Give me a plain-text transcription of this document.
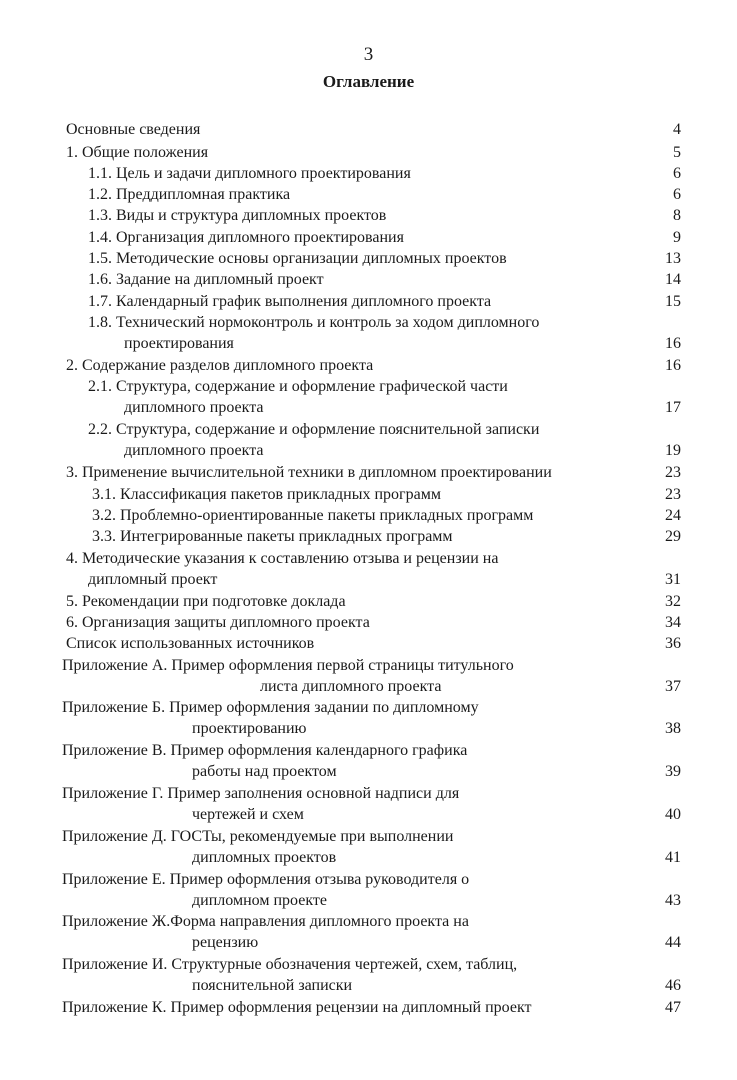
3
Оглавление
Основные сведения	4
1. Общие положения	5
1.1. Цель и задачи дипломного проектирования	6
1.2. Преддипломная практика	6
1.3. Виды и структура дипломных проектов	8
1.4. Организация дипломного проектирования	9
1.5. Методические основы организации дипломных проектов	13
1.6. Задание на дипломный проект	14
1.7. Календарный график выполнения дипломного проекта	15
1.8. Технический нормоконтроль и контроль за ходом дипломного
проектирования	16
2. Содержание разделов дипломного проекта	16
2.1. Структура, содержание и оформление графической части
дипломного проекта	17
2.2. Структура, содержание и оформление пояснительной записки
дипломного проекта	19
3. Применение вычислительной техники в дипломном проектировании	23
3.1. Классификация пакетов прикладных программ	23
3.2. Проблемно-ориентированные пакеты прикладных программ	24
3.3. Интегрированные пакеты прикладных программ	29
4. Методические указания к составлению отзыва и рецензии на
дипломный проект	31
5. Рекомендации при подготовке доклада	32
6. Организация защиты дипломного проекта	34
Список использованных источников	36
Приложение А. Пример оформления первой страницы титульного
листа дипломного проекта	37
Приложение Б. Пример оформления задании по дипломному
проектированию	38
Приложение В. Пример оформления календарного графика
работы над проектом	39
Приложение Г. Пример заполнения основной надписи для
чертежей и схем	40
Приложение Д. ГОСТы, рекомендуемые при выполнении
дипломных проектов	41
Приложение Е. Пример оформления отзыва руководителя о
дипломном проекте	43
Приложение Ж.Форма направления дипломного проекта на
рецензию	44
Приложение И. Структурные обозначения чертежей, схем, таблиц,
пояснительной записки	46
Приложение К. Пример оформления рецензии на дипломный проект	47
